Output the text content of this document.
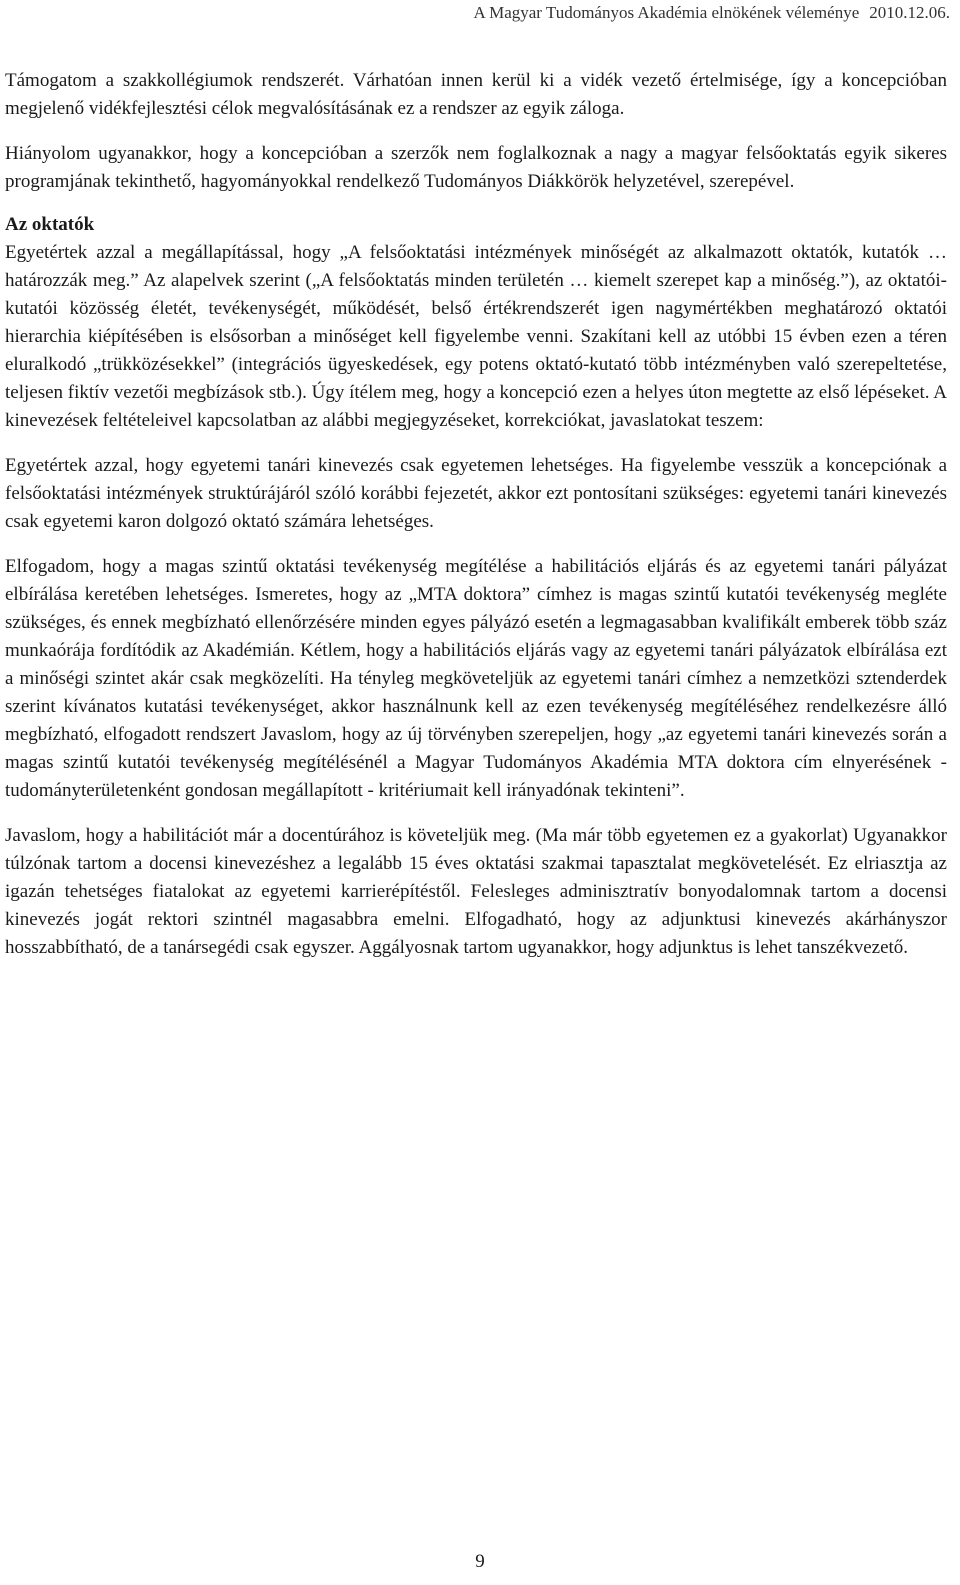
A Magyar Tudományos Akadémia elnökének véleménye 2010.12.06.

Támogatom a szakkollégiumok rendszerét. Várhatóan innen kerül ki a vidék vezető értelmisége, így a koncepcióban megjelenő vidékfejlesztési célok megvalósításának ez a rendszer az egyik záloga.

Hiányolom ugyanakkor, hogy a koncepcióban a szerzők nem foglalkoznak a nagy a magyar felsőoktatás egyik sikeres programjának tekinthető, hagyományokkal rendelkező Tudományos Diákkörök helyzetével, szerepével.

Az oktatók

Egyetértek azzal a megállapítással, hogy „A felsőoktatási intézmények minőségét az alkalmazott oktatók, kutatók … határozzák meg.” Az alapelvek szerint („A felsőoktatás minden területén … kiemelt szerepet kap a minőség.”), az oktatói-kutatói közösség életét, tevékenységét, működését, belső értékrendszerét igen nagymértékben meghatározó oktatói hierarchia kiépítésében is elsősorban a minőséget kell figyelembe venni. Szakítani kell az utóbbi 15 évben ezen a téren eluralkodó „trükközésekkel” (integrációs ügyeskedések, egy potens oktató-kutató több intézményben való szerepeltetése, teljesen fiktív vezetői megbízások stb.). Úgy ítélem meg, hogy a koncepció ezen a helyes úton megtette az első lépéseket. A kinevezések feltételeivel kapcsolatban az alábbi megjegyzéseket, korrekciókat, javaslatokat teszem:

Egyetértek azzal, hogy egyetemi tanári kinevezés csak egyetemen lehetséges. Ha figyelembe vesszük a koncepciónak a felsőoktatási intézmények struktúrájáról szóló korábbi fejezetét, akkor ezt pontosítani szükséges: egyetemi tanári kinevezés csak egyetemi karon dolgozó oktató számára lehetséges.

Elfogadom, hogy a magas szintű oktatási tevékenység megítélése a habilitációs eljárás és az egyetemi tanári pályázat elbírálása keretében lehetséges. Ismeretes, hogy az „MTA doktora” címhez is magas szintű kutatói tevékenység megléte szükséges, és ennek megbízható ellenőrzésére minden egyes pályázó esetén a legmagasabban kvalifikált emberek több száz munkaórája fordítódik az Akadémián. Kétlem, hogy a habilitációs eljárás vagy az egyetemi tanári pályázatok elbírálása ezt a minőségi szintet akár csak megközelíti. Ha tényleg megköveteljük az egyetemi tanári címhez a nemzetközi sztenderdek szerint kívánatos kutatási tevékenységet, akkor használnunk kell az ezen tevékenység megítéléséhez rendelkezésre álló megbízható, elfogadott rendszert Javaslom, hogy az új törvényben szerepeljen, hogy „az egyetemi tanári kinevezés során a magas szintű kutatói tevékenység megítélésénél a Magyar Tudományos Akadémia MTA doktora cím elnyerésének - tudományterületenként gondosan megállapított - kritériumait kell irányadónak tekinteni”.

Javaslom, hogy a habilitációt már a docentúrához is követeljük meg. (Ma már több egyetemen ez a gyakorlat) Ugyanakkor túlzónak tartom a docensi kinevezéshez a legalább 15 éves oktatási szakmai tapasztalat megkövetelését. Ez elriasztja az igazán tehetséges fiatalokat az egyetemi karrierépítéstől. Felesleges adminisztratív bonyodalomnak tartom a docensi kinevezés jogát rektori szintnél magasabbra emelni. Elfogadható, hogy az adjunktusi kinevezés akárhányszor hosszabbítható, de a tanársegédi csak egyszer. Aggályosnak tartom ugyanakkor, hogy adjunktus is lehet tanszékvezető.

9
